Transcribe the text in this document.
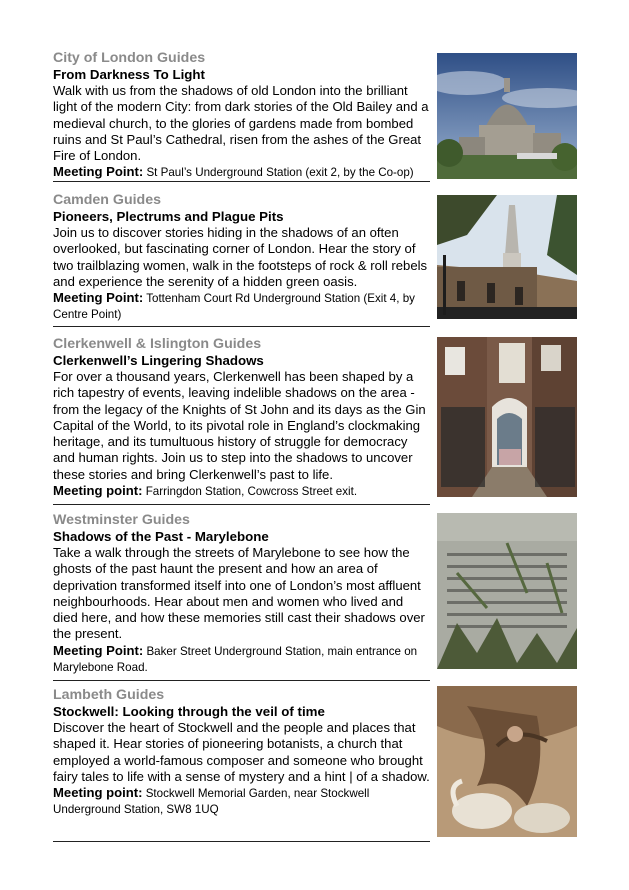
City of London Guides
From Darkness To Light

Walk with us from the shadows of old London into the brilliant light of the modern City: from dark stories of the Old Bailey and a medieval church, to the glories of gardens made from bombed ruins and St Paul’s Cathedral, risen from the ashes of the Great Fire of London.

Meeting Point: St Paul’s Underground Station (exit 2, by the Co-op)
Camden Guides
Pioneers, Plectrums and Plague Pits

Join us to discover stories hiding in the shadows of an often overlooked, but fascinating corner of London. Hear the story of two trailblazing women, walk in the footsteps of rock & roll rebels and experience the serenity of a hidden green oasis.

Meeting Point: Tottenham Court Rd Underground Station (Exit 4, by Centre Point)
Clerkenwell & Islington Guides
Clerkenwell’s Lingering Shadows

For over a thousand years, Clerkenwell has been shaped by a rich tapestry of events, leaving indelible shadows on the area - from the legacy of the Knights of St John and its days as the Gin Capital of the World, to its pivotal role in England’s clockmaking heritage, and its tumultuous history of struggle for democracy and human rights. Join us to step into the shadows to uncover these stories and bring Clerkenwell’s past to life.

Meeting point: Farringdon Station, Cowcross Street exit.
Westminster Guides
Shadows of the Past - Marylebone

Take a walk through the streets of Marylebone to see how the ghosts of the past haunt the present and how an area of deprivation transformed itself into one of London’s most affluent neighbourhoods. Hear about men and women who lived and died here, and how these memories still cast their shadows over the present.

Meeting Point: Baker Street Underground Station, main entrance on Marylebone Road.
Lambeth Guides
Stockwell: Looking through the veil of time

Discover the heart of Stockwell and the people and places that shaped it. Hear stories of pioneering botanists, a church that employed a world-famous composer and someone who brought fairy tales to life with a sense of mystery and a hint | of a shadow.

Meeting point: Stockwell Memorial Garden, near Stockwell Underground Station, SW8 1UQ
